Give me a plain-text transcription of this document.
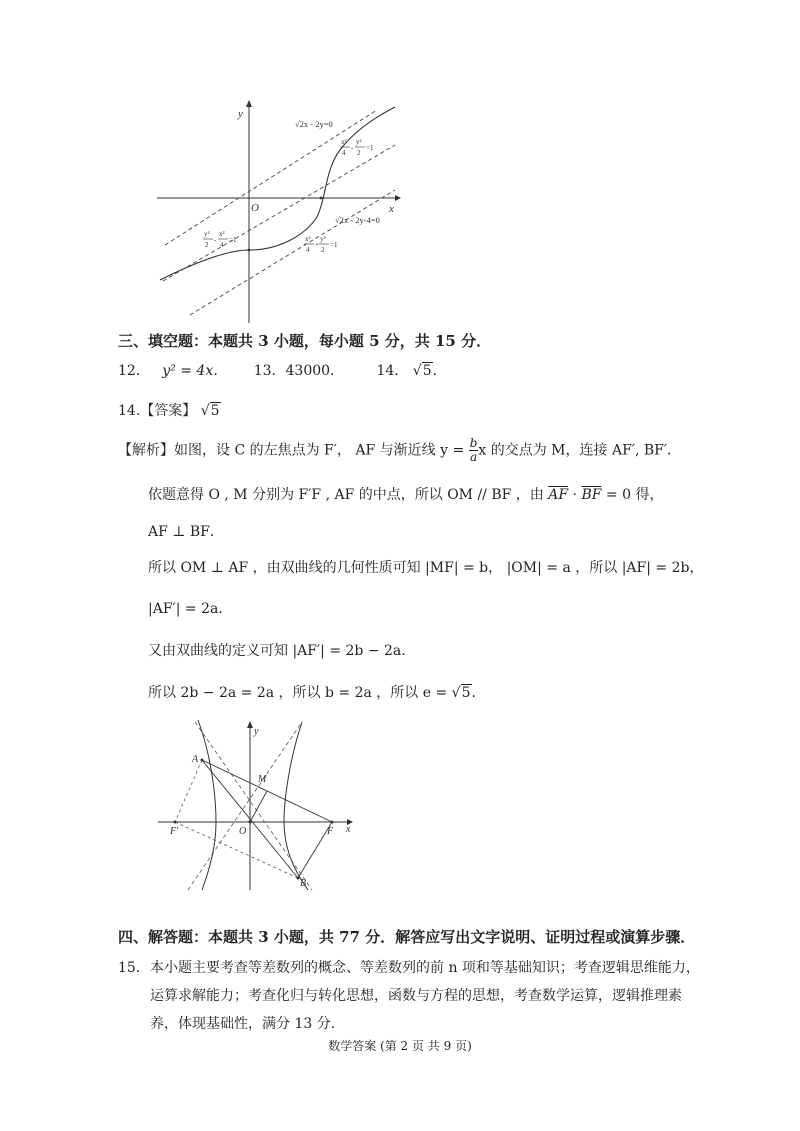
y
x
O
√2x - 2y=0
x²
4
-
y²
2
=1
√2x - 2y-4=0
y²
2
-
x²
4
=1	x²
4
+
y²
2
=1
三、填空题：本题共 3 小题，每小题 5 分，共 15 分．
12． y² = 4x． 13．43000． 14． √5．
14.【答案】 √5
【解析】如图，设 C 的左焦点为 F′， AF 与渐近线 $y = \frac{b}{a}$ x 的交点为 M，连接 AF′, BF′．
依题意得 O , M 分别为 F′F , AF 的中点，所以 OM // BF ，由 $\overline{AF} \cdot \overline{BF} = 0$ 得，
AF ⊥ BF．
所以 OM ⊥ AF ，由双曲线的几何性质可知 |MF| = b， |OM| = a ，所以 |AF| = 2b，
|AF′| = 2a．
又由双曲线的定义可知 |AF′| = 2b − 2a．
所以 2b − 2a = 2a ，所以 b = 2a ，所以 e = √5．
y
x
A
M
F′	O	F
B
四、解答题：本题共 3 小题，共 77 分．解答应写出文字说明、证明过程或演算步骤．
15． 本小题主要考查等差数列的概念、等差数列的前 n 项和等基础知识；考查逻辑思维能力，
运算求解能力；考查化归与转化思想，函数与方程的思想，考查数学运算，逻辑推理素
养，体现基础性，满分 13 分．
数学答案 (第 2 页 共 9 页)
